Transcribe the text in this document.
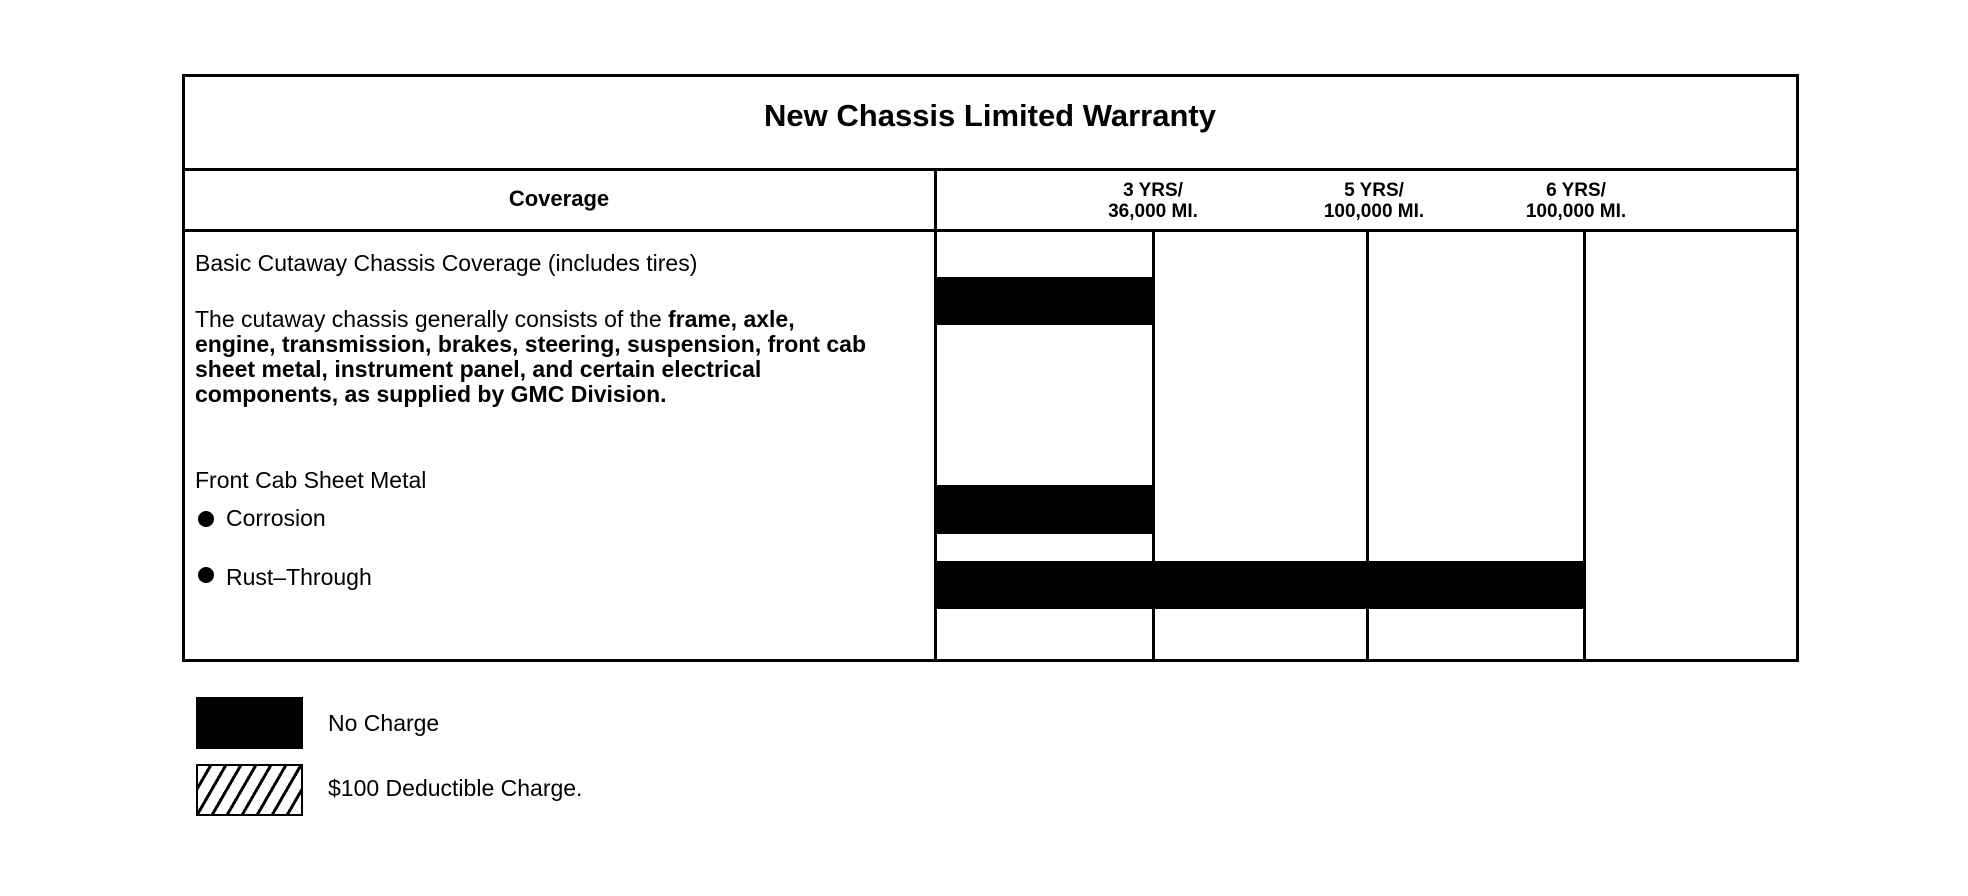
New Chassis Limited Warranty
Coverage	3 YRS/
36,000 MI.
5 YRS/
100,000 MI.
6 YRS/
100,000 MI.
Basic Cutaway Chassis Coverage (includes tires)
The cutaway chassis generally consists of the frame, axle,
engine, transmission, brakes, steering, suspension, front cab
sheet metal, instrument panel, and certain electrical
components, as supplied by GMC Division.
Front Cab Sheet Metal
Corrosion
Rust–Through
No Charge
$100 Deductible Charge.
